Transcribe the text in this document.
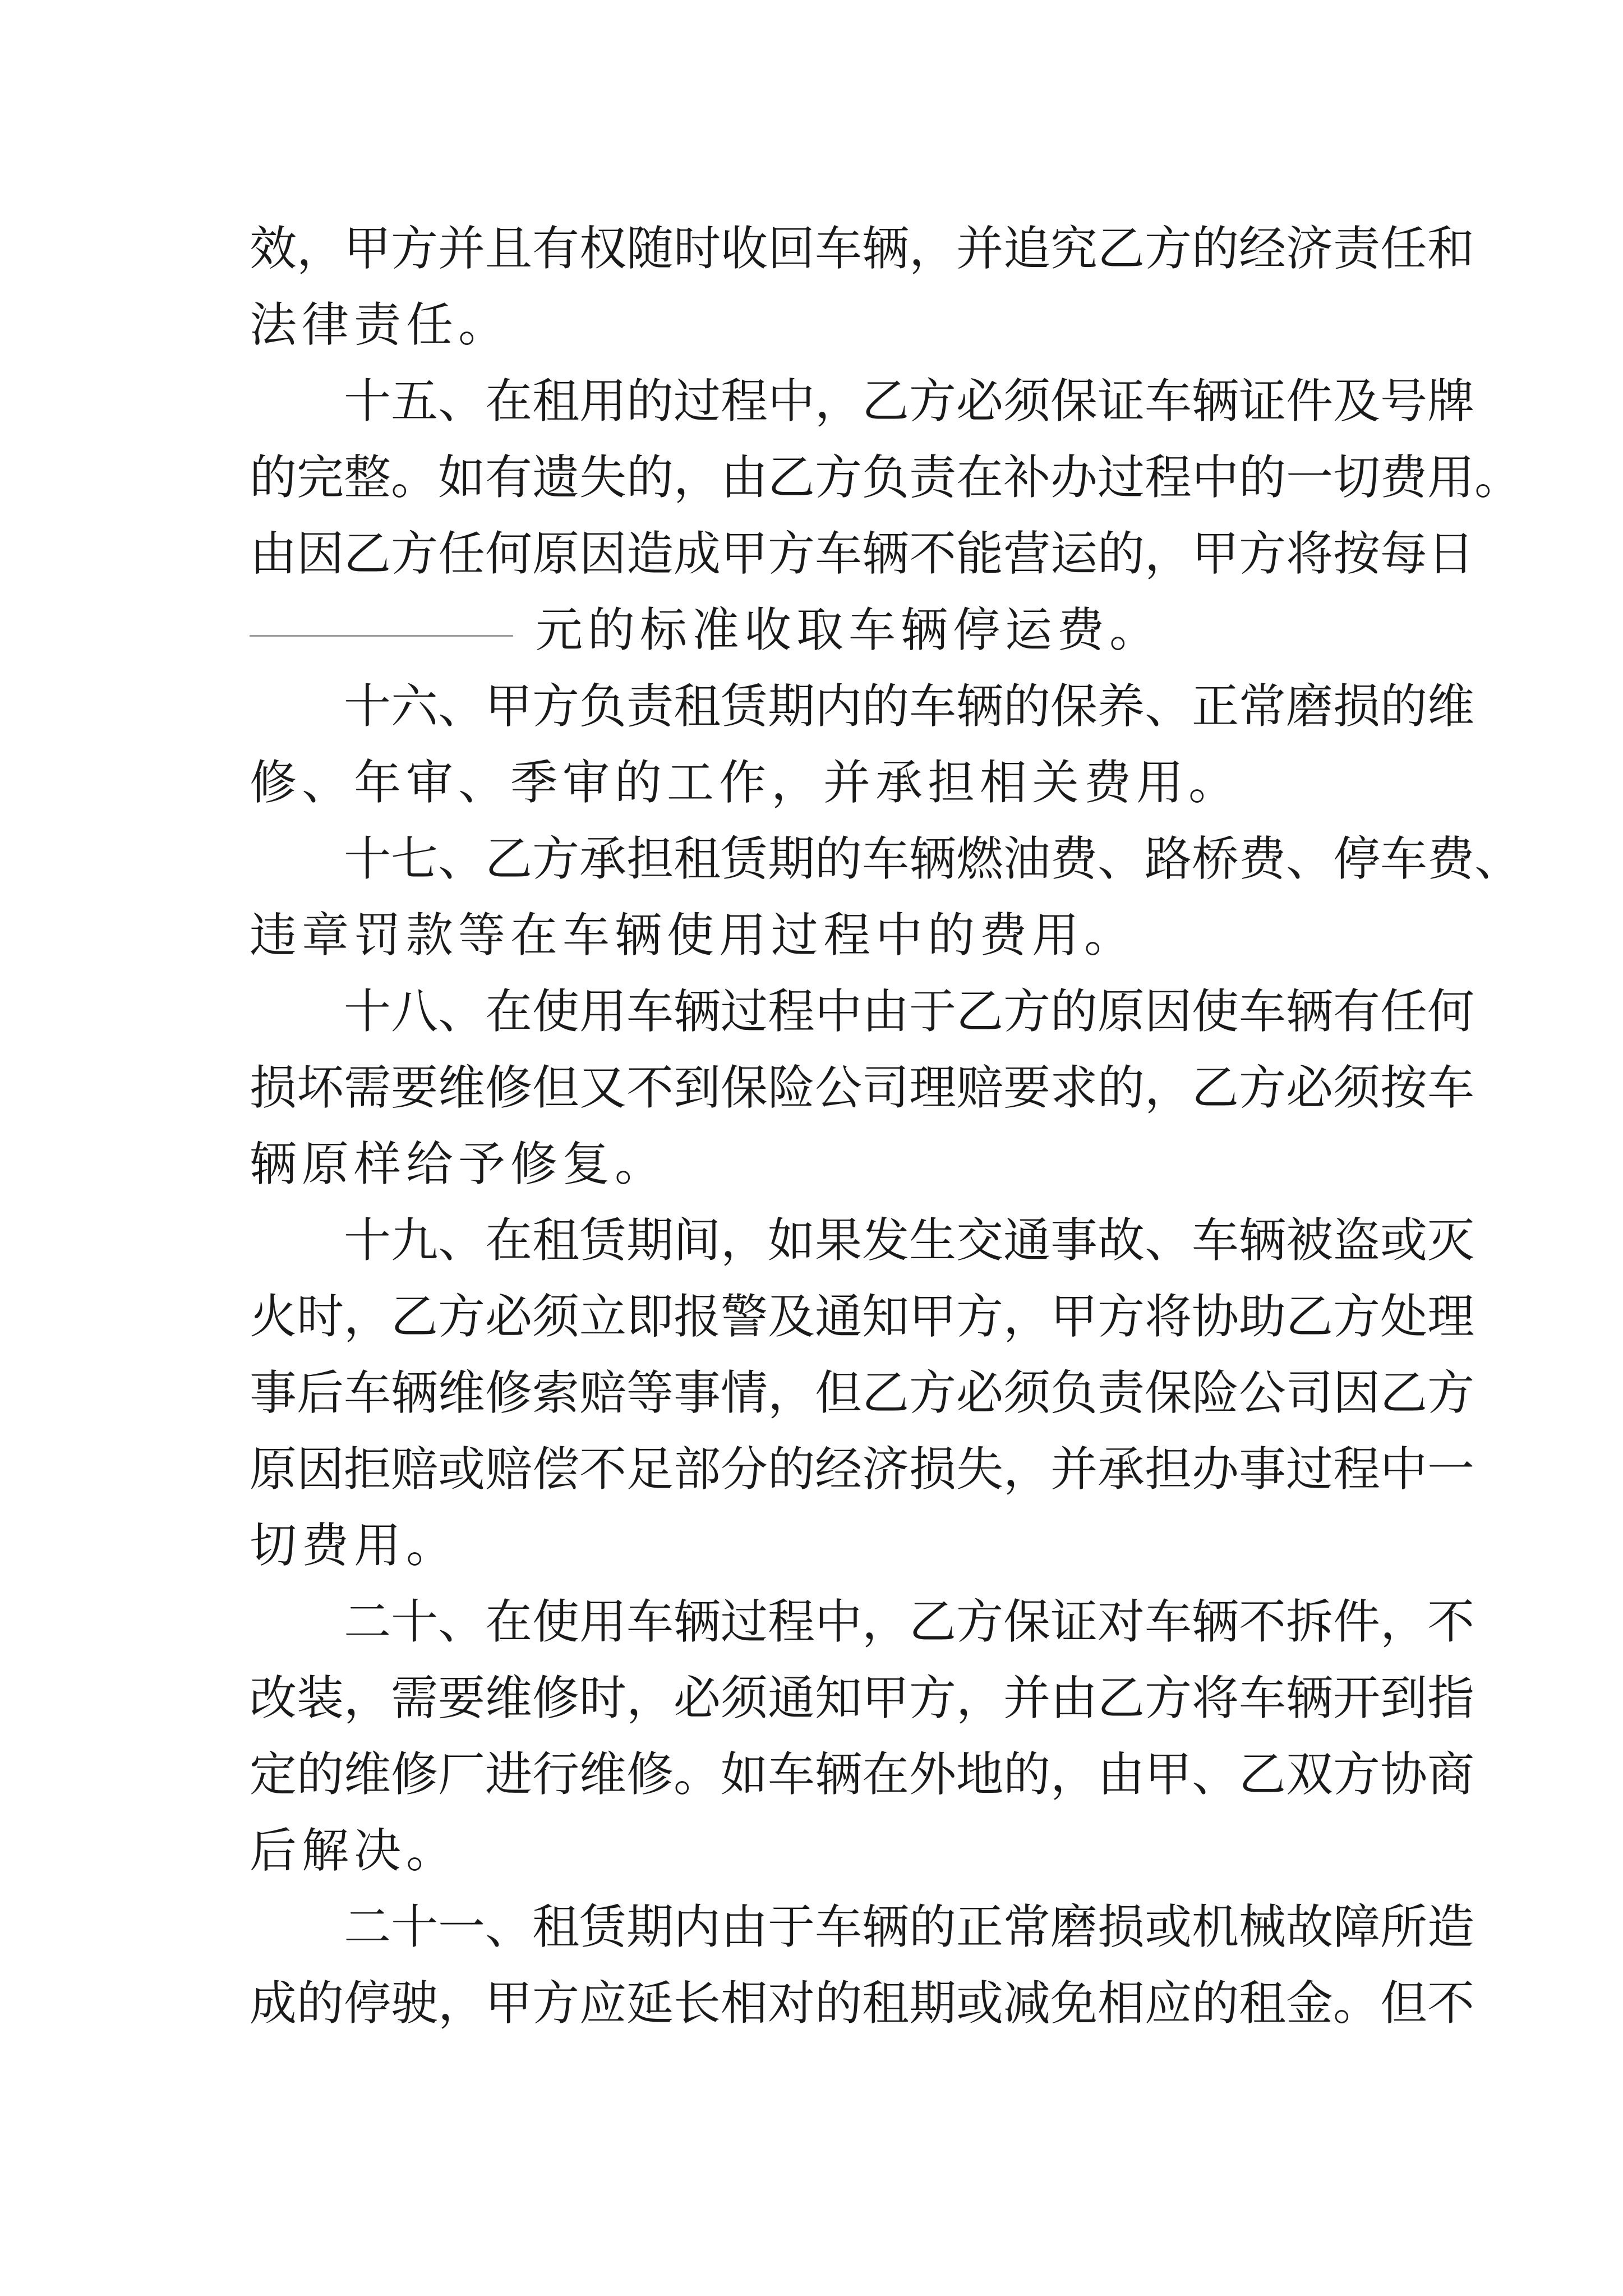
效，甲方并且有权随时收回车辆，并追究乙方的经济责任和
法律责任。
十五、在租用的过程中，乙方必须保证车辆证件及号牌
的完整。如有遗失的，由乙方负责在补办过程中的一切费用。
由因乙方任何原因造成甲方车辆不能营运的，甲方将按每日
元的标准收取车辆停运费。
十六、甲方负责租赁期内的车辆的保养、正常磨损的维
修、年审、季审的工作，并承担相关费用。
十七、乙方承担租赁期的车辆燃油费、路桥费、停车费、
违章罚款等在车辆使用过程中的费用。
十八、在使用车辆过程中由于乙方的原因使车辆有任何
损坏需要维修但又不到保险公司理赔要求的，乙方必须按车
辆原样给予修复。
十九、在租赁期间，如果发生交通事故、车辆被盗或灭
火时，乙方必须立即报警及通知甲方，甲方将协助乙方处理
事后车辆维修索赔等事情，但乙方必须负责保险公司因乙方
原因拒赔或赔偿不足部分的经济损失，并承担办事过程中一
切费用。
二十、在使用车辆过程中，乙方保证对车辆不拆件，不
改装，需要维修时，必须通知甲方，并由乙方将车辆开到指
定的维修厂进行维修。如车辆在外地的，由甲、乙双方协商
后解决。
二十一、租赁期内由于车辆的正常磨损或机械故障所造
成的停驶，甲方应延长相对的租期或减免相应的租金。但不
